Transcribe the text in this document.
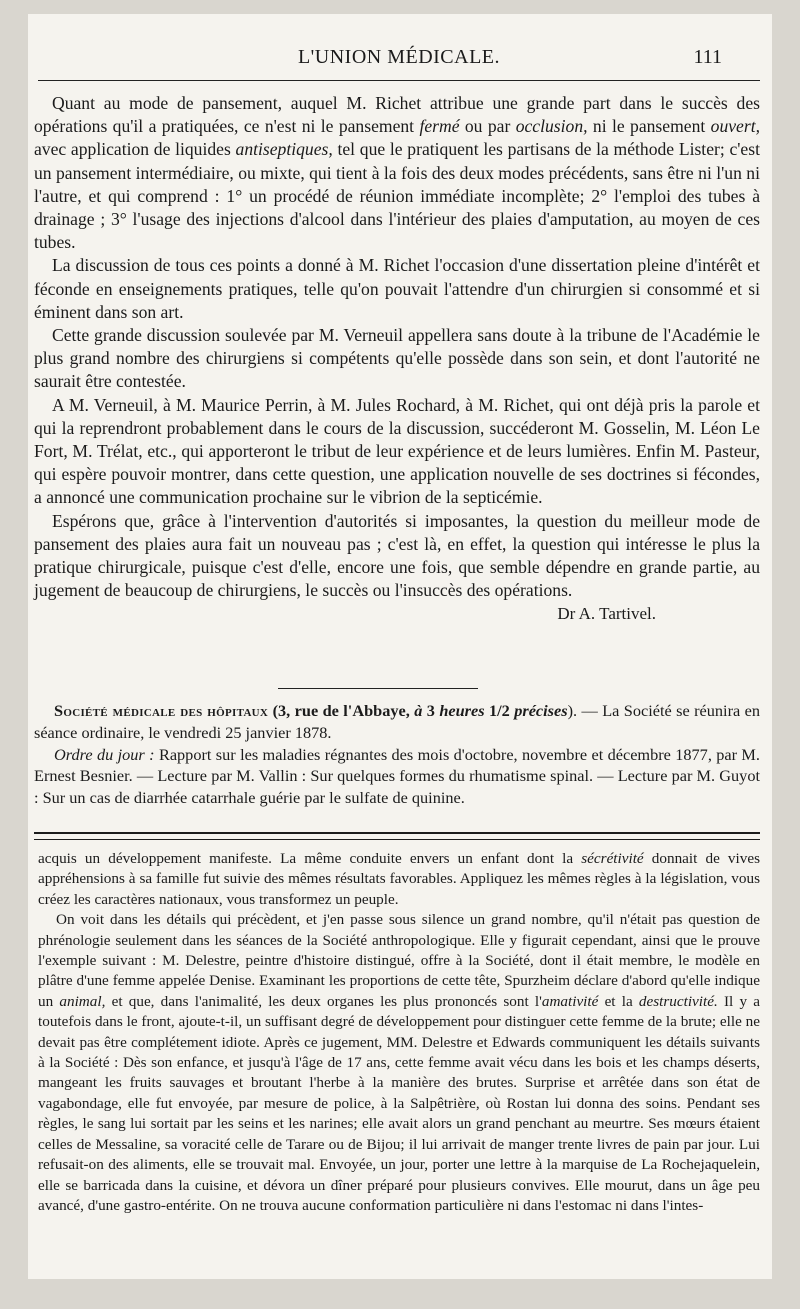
L'UNION MÉDICALE.	111

Quant au mode de pansement, auquel M. Richet attribue une grande part dans le succès des opérations qu'il a pratiquées, ce n'est ni le pansement fermé ou par occlusion, ni le pansement ouvert, avec application de liquides antiseptiques, tel que le pratiquent les partisans de la méthode Lister; c'est un pansement intermédiaire, ou mixte, qui tient à la fois des deux modes précédents, sans être ni l'un ni l'autre, et qui comprend : 1° un procédé de réunion immédiate incomplète; 2° l'emploi des tubes à drainage ; 3° l'usage des injections d'alcool dans l'intérieur des plaies d'amputation, au moyen de ces tubes.

La discussion de tous ces points a donné à M. Richet l'occasion d'une dissertation pleine d'intérêt et féconde en enseignements pratiques, telle qu'on pouvait l'attendre d'un chirurgien si consommé et si éminent dans son art.

Cette grande discussion soulevée par M. Verneuil appellera sans doute à la tribune de l'Académie le plus grand nombre des chirurgiens si compétents qu'elle possède dans son sein, et dont l'autorité ne saurait être contestée.

A M. Verneuil, à M. Maurice Perrin, à M. Jules Rochard, à M. Richet, qui ont déjà pris la parole et qui la reprendront probablement dans le cours de la discussion, succéderont M. Gosselin, M. Léon Le Fort, M. Trélat, etc., qui apporteront le tribut de leur expérience et de leurs lumières. Enfin M. Pasteur, qui espère pouvoir montrer, dans cette question, une application nouvelle de ses doctrines si fécondes, a annoncé une communication prochaine sur le vibrion de la septicémie.

Espérons que, grâce à l'intervention d'autorités si imposantes, la question du meilleur mode de pansement des plaies aura fait un nouveau pas ; c'est là, en effet, la question qui intéresse le plus la pratique chirurgicale, puisque c'est d'elle, encore une fois, que semble dépendre en grande partie, au jugement de beaucoup de chirurgiens, le succès ou l'insuccès des opérations.

Dr A. Tartivel.

Société médicale des hôpitaux (3, rue de l'Abbaye, à 3 heures 1/2 précises). — La Société se réunira en séance ordinaire, le vendredi 25 janvier 1878.

Ordre du jour : Rapport sur les maladies régnantes des mois d'octobre, novembre et décembre 1877, par M. Ernest Besnier. — Lecture par M. Vallin : Sur quelques formes du rhumatisme spinal. — Lecture par M. Guyot : Sur un cas de diarrhée catarrhale guérie par le sulfate de quinine.

acquis un développement manifeste. La même conduite envers un enfant dont la sécrétivité donnait de vives appréhensions à sa famille fut suivie des mêmes résultats favorables. Appliquez les mêmes règles à la législation, vous créez les caractères nationaux, vous transformez un peuple.

On voit dans les détails qui précèdent, et j'en passe sous silence un grand nombre, qu'il n'était pas question de phrénologie seulement dans les séances de la Société anthropologique. Elle y figurait cependant, ainsi que le prouve l'exemple suivant : M. Delestre, peintre d'histoire distingué, offre à la Société, dont il était membre, le modèle en plâtre d'une femme appelée Denise. Examinant les proportions de cette tête, Spurzheim déclare d'abord qu'elle indique un animal, et que, dans l'animalité, les deux organes les plus prononcés sont l'amativité et la destructivité. Il y a toutefois dans le front, ajoute-t-il, un suffisant degré de développement pour distinguer cette femme de la brute; elle ne devait pas être complétement idiote. Après ce jugement, MM. Delestre et Edwards communiquent les détails suivants à la Société : Dès son enfance, et jusqu'à l'âge de 17 ans, cette femme avait vécu dans les bois et les champs déserts, mangeant les fruits sauvages et broutant l'herbe à la manière des brutes. Surprise et arrêtée dans son état de vagabondage, elle fut envoyée, par mesure de police, à la Salpêtrière, où Rostan lui donna des soins. Pendant ses règles, le sang lui sortait par les seins et les narines; elle avait alors un grand penchant au meurtre. Ses mœurs étaient celles de Messaline, sa voracité celle de Tarare ou de Bijou; il lui arrivait de manger trente livres de pain par jour. Lui refusait-on des aliments, elle se trouvait mal. Envoyée, un jour, porter une lettre à la marquise de La Rochejaquelein, elle se barricada dans la cuisine, et dévora un dîner préparé pour plusieurs convives. Elle mourut, dans un âge peu avancé, d'une gastro-entérite. On ne trouva aucune conformation particulière ni dans l'estomac ni dans l'intes-
